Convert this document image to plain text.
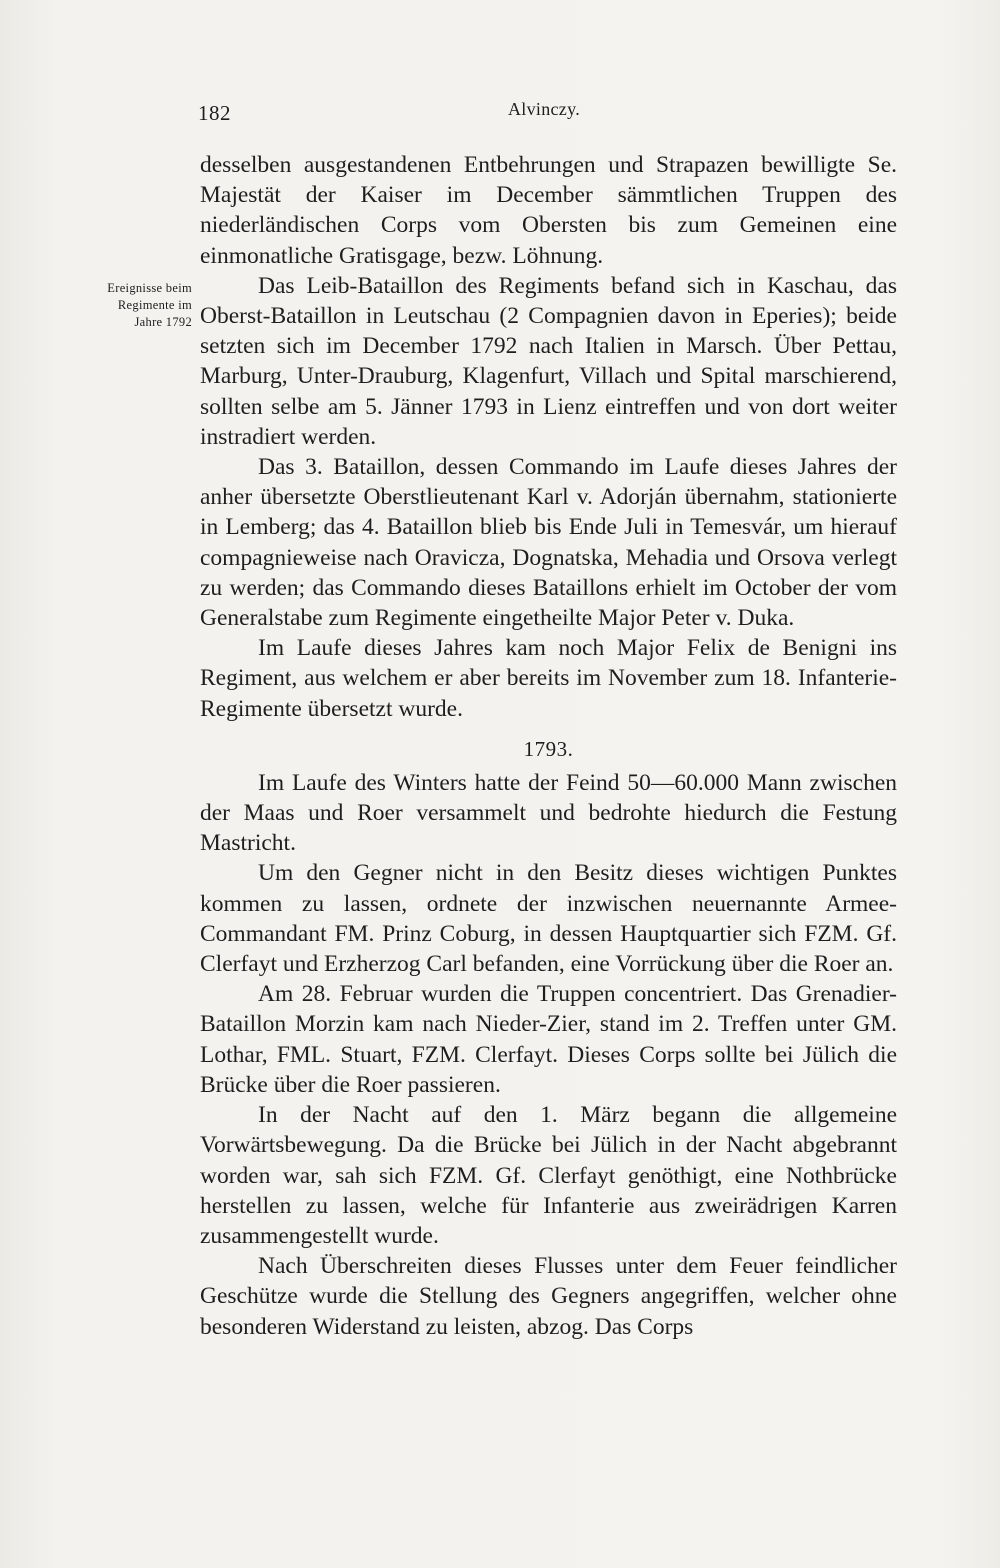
182	Alvinczy.
Ereignisse beim
Regimente im
Jahre 1792

desselben ausgestandenen Entbehrungen und Strapazen bewilligte Se. Majestät der Kaiser im December sämmtlichen Truppen des niederländischen Corps vom Obersten bis zum Gemeinen eine einmonatliche Gratisgage, bezw. Löhnung.

Das Leib-Bataillon des Regiments befand sich in Kaschau, das Oberst-Bataillon in Leutschau (2 Compagnien davon in Eperies); beide setzten sich im December 1792 nach Italien in Marsch. Über Pettau, Marburg, Unter-Drauburg, Klagenfurt, Villach und Spital marschierend, sollten selbe am 5. Jänner 1793 in Lienz eintreffen und von dort weiter instradiert werden.

Das 3. Bataillon, dessen Commando im Laufe dieses Jahres der anher übersetzte Oberstlieutenant Karl v. Adorján übernahm, stationierte in Lemberg; das 4. Bataillon blieb bis Ende Juli in Temesvár, um hierauf compagnieweise nach Oravicza, Dognatska, Mehadia und Orsova verlegt zu werden; das Commando dieses Bataillons erhielt im October der vom Generalstabe zum Regimente eingetheilte Major Peter v. Duka.

Im Laufe dieses Jahres kam noch Major Felix de Benigni ins Regiment, aus welchem er aber bereits im November zum 18. Infanterie-Regimente übersetzt wurde.

1793.

Im Laufe des Winters hatte der Feind 50—60.000 Mann zwischen der Maas und Roer versammelt und bedrohte hiedurch die Festung Mastricht.

Um den Gegner nicht in den Besitz dieses wichtigen Punktes kommen zu lassen, ordnete der inzwischen neuernannte Armee-Commandant FM. Prinz Coburg, in dessen Hauptquartier sich FZM. Gf. Clerfayt und Erzherzog Carl befanden, eine Vorrückung über die Roer an.

Am 28. Februar wurden die Truppen concentriert. Das Grenadier-Bataillon Morzin kam nach Nieder-Zier, stand im 2. Treffen unter GM. Lothar, FML. Stuart, FZM. Clerfayt. Dieses Corps sollte bei Jülich die Brücke über die Roer passieren.

In der Nacht auf den 1. März begann die allgemeine Vorwärtsbewegung. Da die Brücke bei Jülich in der Nacht abgebrannt worden war, sah sich FZM. Gf. Clerfayt genöthigt, eine Nothbrücke herstellen zu lassen, welche für Infanterie aus zweirädrigen Karren zusammengestellt wurde.

Nach Überschreiten dieses Flusses unter dem Feuer feindlicher Geschütze wurde die Stellung des Gegners angegriffen, welcher ohne besonderen Widerstand zu leisten, abzog. Das Corps
